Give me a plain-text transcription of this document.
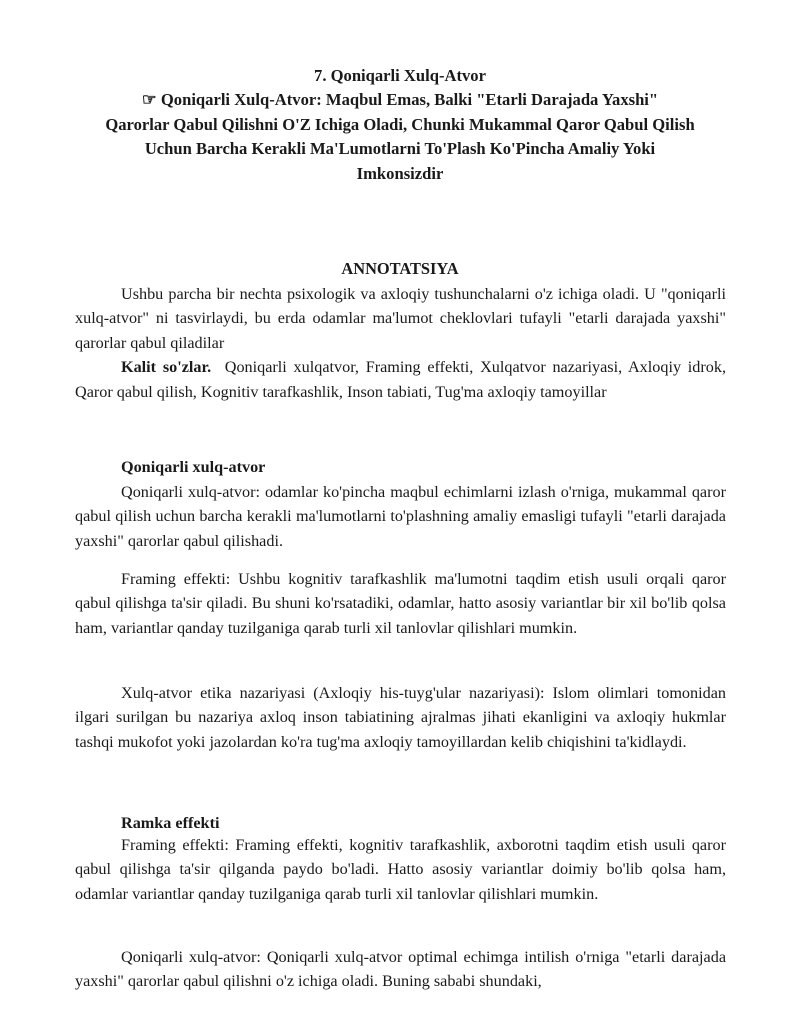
7. Qoniqarli Xulq-Atvor
☞ Qoniqarli Xulq-Atvor: Maqbul Emas, Balki "Etarli Darajada Yaxshi"
Qarorlar Qabul Qilishni O'Z Ichiga Oladi, Chunki Mukammal Qaror Qabul Qilish
Uchun Barcha Kerakli Ma'Lumotlarni To'Plash Ko'Pincha Amaliy Yoki
Imkonsizdir
ANNOTATSIYA

Ushbu parcha bir nechta psixologik va axloqiy tushunchalarni o'z ichiga oladi. U "qoniqarli xulq-atvor" ni tasvirlaydi, bu erda odamlar ma'lumot cheklovlari tufayli "etarli darajada yaxshi" qarorlar qabul qiladilar

Kalit so'zlar. Qoniqarli xulqatvor, Framing effekti, Xulqatvor nazariyasi, Axloqiy idrok, Qaror qabul qilish, Kognitiv tarafkashlik, Inson tabiati, Tug'ma axloqiy tamoyillar

Qoniqarli xulq-atvor

Qoniqarli xulq-atvor: odamlar ko'pincha maqbul echimlarni izlash o'rniga, mukammal qaror qabul qilish uchun barcha kerakli ma'lumotlarni to'plashning amaliy emasligi tufayli "etarli darajada yaxshi" qarorlar qabul qilishadi.

Framing effekti: Ushbu kognitiv tarafkashlik ma'lumotni taqdim etish usuli orqali qaror qabul qilishga ta'sir qiladi. Bu shuni ko'rsatadiki, odamlar, hatto asosiy variantlar bir xil bo'lib qolsa ham, variantlar qanday tuzilganiga qarab turli xil tanlovlar qilishlari mumkin.

Xulq-atvor etika nazariyasi (Axloqiy his-tuyg'ular nazariyasi): Islom olimlari tomonidan ilgari surilgan bu nazariya axloq inson tabiatining ajralmas jihati ekanligini va axloqiy hukmlar tashqi mukofot yoki jazolardan ko'ra tug'ma axloqiy tamoyillardan kelib chiqishini ta'kidlaydi.

Ramka effekti

Framing effekti: Framing effekti, kognitiv tarafkashlik, axborotni taqdim etish usuli qaror qabul qilishga ta'sir qilganda paydo bo'ladi. Hatto asosiy variantlar doimiy bo'lib qolsa ham, odamlar variantlar qanday tuzilganiga qarab turli xil tanlovlar qilishlari mumkin.

Qoniqarli xulq-atvor: Qoniqarli xulq-atvor optimal echimga intilish o'rniga "etarli darajada yaxshi" qarorlar qabul qilishni o'z ichiga oladi. Buning sababi shundaki,
